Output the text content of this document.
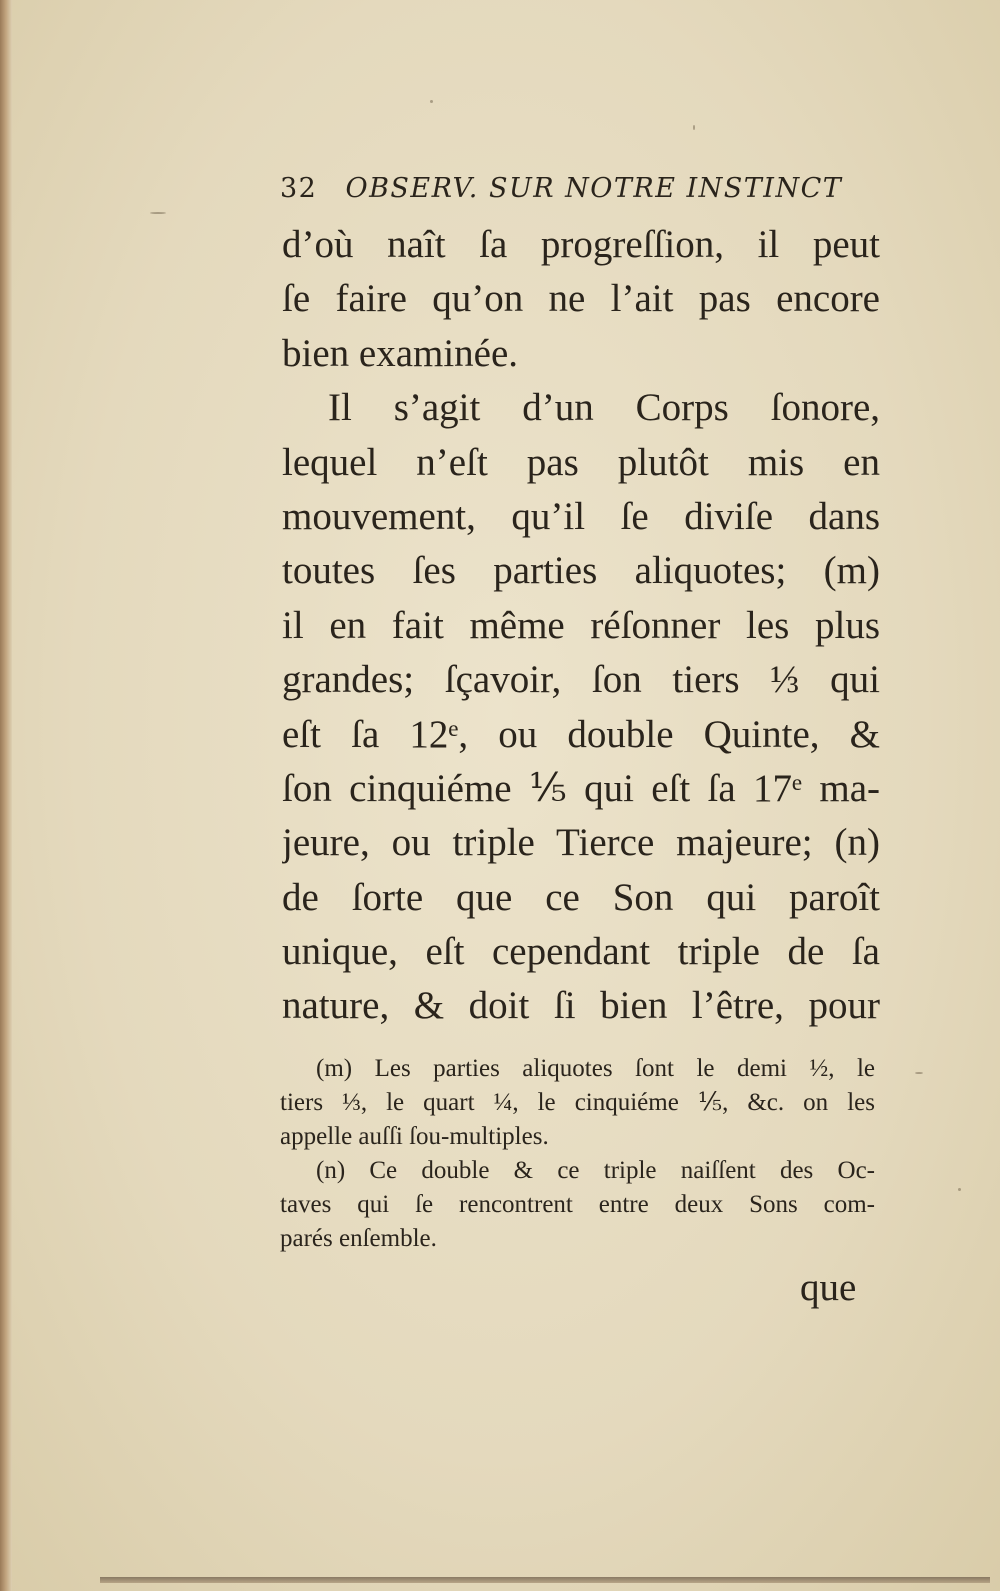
32 OBSERV. SUR NOTRE INSTINCT
d’où naît ſa progreſſion, il peut
ſe faire qu’on ne l’ait pas encore
bien examinée.
Il s’agit d’un Corps ſonore,
lequel n’eſt pas plutôt mis en
mouvement, qu’il ſe diviſe dans
toutes ſes parties aliquotes; (m)
il en fait même réſonner les plus
grandes; ſçavoir, ſon tiers ⅓ qui
eſt ſa 12ᵉ, ou double Quinte, &
ſon cinquiéme ⅕ qui eſt ſa 17ᵉ ma-
jeure, ou triple Tierce majeure; (n)
de ſorte que ce Son qui paroît
unique, eſt cependant triple de ſa
nature, & doit ſi bien l’être, pour
(m) Les parties aliquotes ſont le demi ½, le
tiers ⅓, le quart ¼, le cinquiéme ⅕, &c. on les
appelle auſſi ſou-multiples.
(n) Ce double & ce triple naiſſent des Oc-
taves qui ſe rencontrent entre deux Sons com-
parés enſemble.
que
